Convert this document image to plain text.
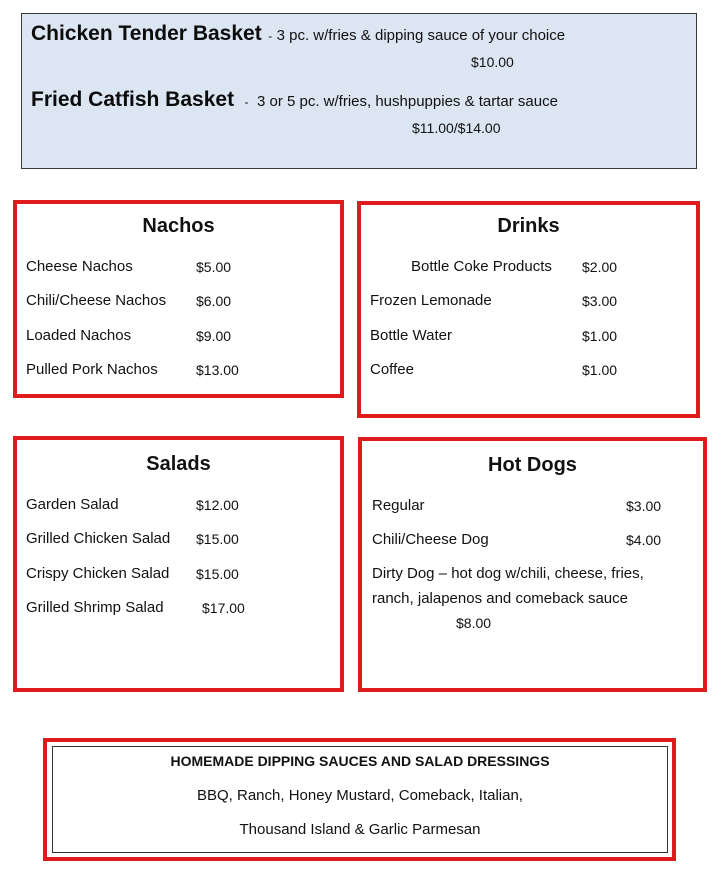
Chicken Tender Basket - 3 pc. w/fries & dipping sauce of your choice
$10.00
Fried Catfish Basket - 3 or 5 pc. w/fries, hushpuppies & tartar sauce
$11.00/$14.00
Nachos
Cheese Nachos	$5.00
Chili/Cheese Nachos $6.00
Loaded Nachos	$9.00
Pulled Pork Nachos	$13.00
Drinks
Bottle Coke Products $2.00
Frozen Lemonade	$3.00
Bottle Water	$1.00
Coffee	$1.00
Salads
Garden Salad	$12.00
Grilled Chicken Salad $15.00
Crispy Chicken Salad $15.00
Grilled Shrimp Salad	$17.00
Hot Dogs
Regular	$3.00
Chili/Cheese Dog	$4.00
Dirty Dog – hot dog w/chili, cheese, fries,
ranch, jalapenos and comeback sauce
$8.00
HOMEMADE DIPPING SAUCES AND SALAD DRESSINGS
BBQ, Ranch, Honey Mustard, Comeback, Italian,
Thousand Island & Garlic Parmesan
